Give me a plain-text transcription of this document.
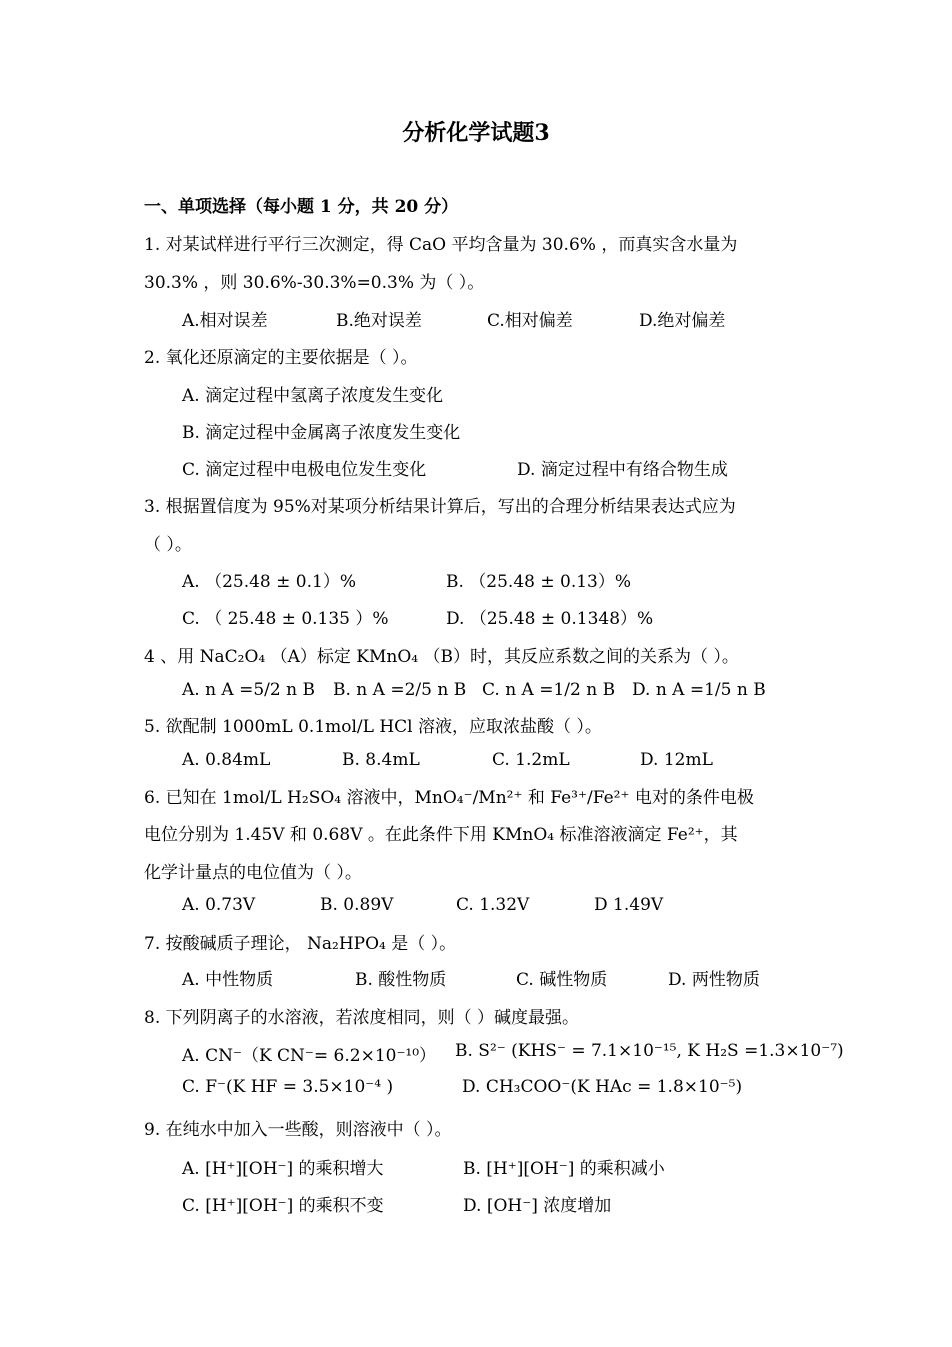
分析化学试题3
一、单项选择（每小题 1 分，共 20 分）
1. 对某试样进行平行三次测定，得 CaO 平均含量为 30.6% ，而真实含水量为
30.3% ，则 30.6%-30.3%=0.3% 为（ ）。
A.相对误差	B.绝对误差	C.相对偏差	D.绝对偏差
2. 氧化还原滴定的主要依据是（ ）。
A. 滴定过程中氢离子浓度发生变化
B. 滴定过程中金属离子浓度发生变化
C. 滴定过程中电极电位发生变化	D. 滴定过程中有络合物生成
3. 根据置信度为 95%对某项分析结果计算后，写出的合理分析结果表达式应为
（ ）。
A. （25.48 ± 0.1）%	B. （25.48 ± 0.13）%
C. （ 25.48 ± 0.135 ）%	D. （25.48 ± 0.1348）%
4 、用 NaC₂O₄ （A）标定 KMnO₄ （B）时，其反应系数之间的关系为（ ）。
A. n A =5/2 n B B. n A =2/5 n B C. n A =1/2 n B D. n A =1/5 n B
5. 欲配制 1000mL 0.1mol/L HCl 溶液，应取浓盐酸（ ）。
A. 0.84mL	B. 8.4mL	C. 1.2mL	D. 12mL
6. 已知在 1mol/L H₂SO₄ 溶液中，MnO₄⁻/Mn²⁺ 和 Fe³⁺/Fe²⁺ 电对的条件电极
电位分别为 1.45V 和 0.68V 。在此条件下用 KMnO₄ 标准溶液滴定 Fe²⁺，其
化学计量点的电位值为（ ）。
A. 0.73V	B. 0.89V	C. 1.32V	D 1.49V
7. 按酸碱质子理论， Na₂HPO₄ 是（ ）。
A. 中性物质	B. 酸性物质	C. 碱性物质	D. 两性物质
8. 下列阴离子的水溶液，若浓度相同，则（ ）碱度最强。
A. CN⁻（K CN⁻= 6.2×10⁻¹⁰） B. S²⁻ (KHS⁻ = 7.1×10⁻¹⁵, K H₂S =1.3×10⁻⁷)
C. F⁻(K HF = 3.5×10⁻⁴ )	D. CH₃COO⁻(K HAc = 1.8×10⁻⁵)
9. 在纯水中加入一些酸，则溶液中（ ）。
A. [H⁺][OH⁻] 的乘积增大	B. [H⁺][OH⁻] 的乘积减小
C. [H⁺][OH⁻] 的乘积不变	D. [OH⁻] 浓度增加
